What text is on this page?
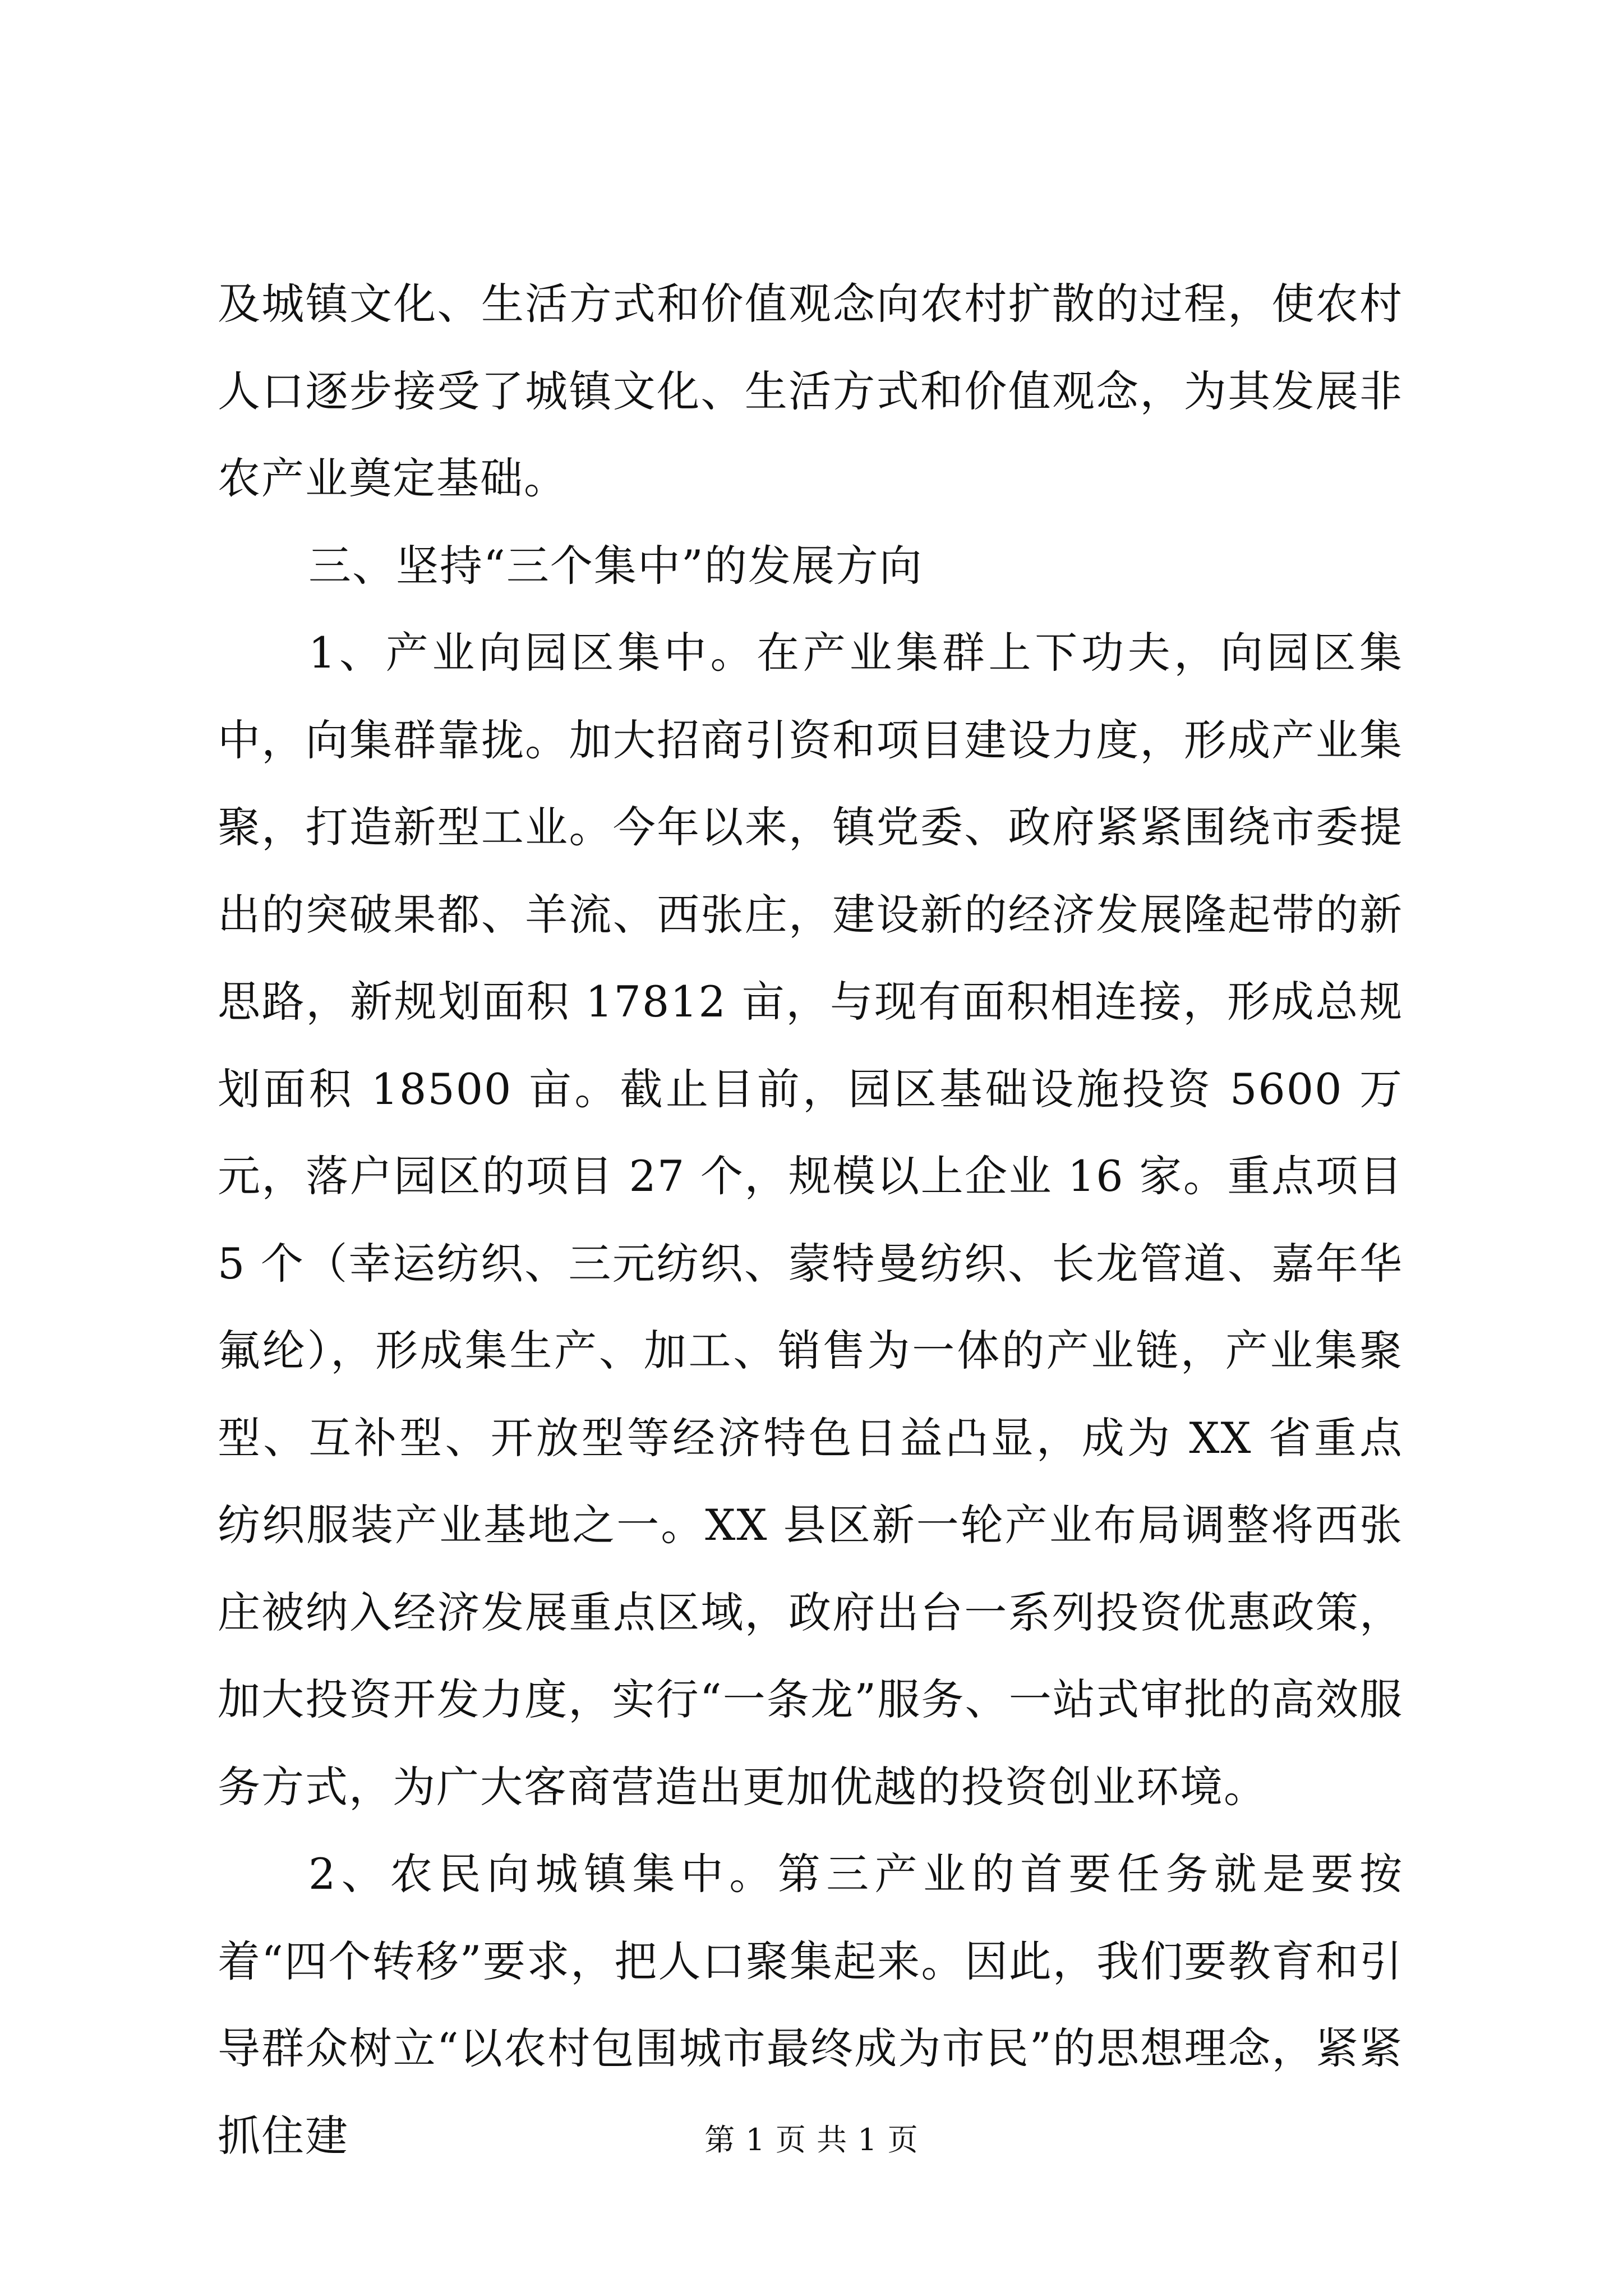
及城镇文化、生活方式和价值观念向农村扩散的过程，使农村人口逐步接受了城镇文化、生活方式和价值观念，为其发展非农产业奠定基础。

三、坚持“三个集中”的发展方向

1、产业向园区集中。在产业集群上下功夫，向园区集中，向集群靠拢。加大招商引资和项目建设力度，形成产业集聚，打造新型工业。今年以来，镇党委、政府紧紧围绕市委提出的突破果都、羊流、西张庄，建设新的经济发展隆起带的新思路，新规划面积 17812 亩，与现有面积相连接，形成总规划面积 18500 亩。截止目前，园区基础设施投资 5600 万元，落户园区的项目 27 个，规模以上企业 16 家。重点项目 5 个（幸运纺织、三元纺织、蒙特曼纺织、长龙管道、嘉年华氟纶），形成集生产、加工、销售为一体的产业链，产业集聚型、互补型、开放型等经济特色日益凸显，成为 XX 省重点纺织服装产业基地之一。XX 县区新一轮产业布局调整将西张庄被纳入经济发展重点区域，政府出台一系列投资优惠政策，加大投资开发力度，实行“一条龙”服务、一站式审批的高效服务方式，为广大客商营造出更加优越的投资创业环境。

2、农民向城镇集中。第三产业的首要任务就是要按着“四个转移”要求，把人口聚集起来。因此，我们要教育和引导群众树立“以农村包围城市最终成为市民”的思想理念，紧紧抓住建	第 1 页 共 1 页
